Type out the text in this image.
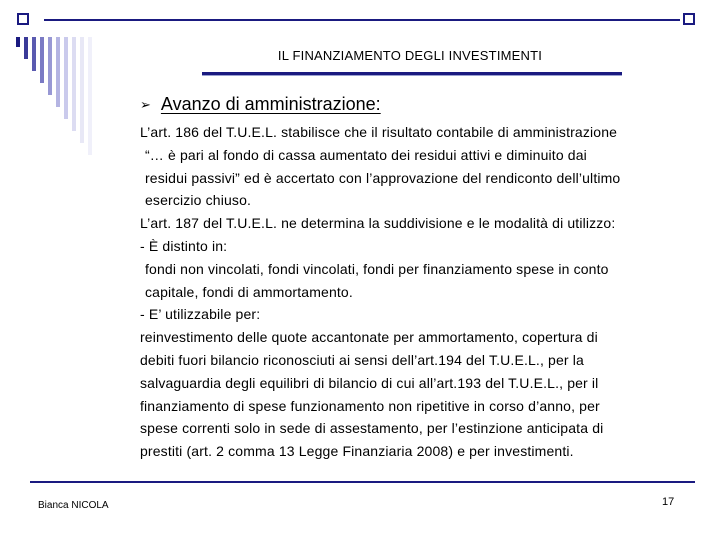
IL FINANZIAMENTO DEGLI INVESTIMENTI
➢ Avanzo di amministrazione:
L’art. 186 del T.U.E.L. stabilisce che il risultato contabile di amministrazione
“… è pari al fondo di cassa aumentato dei residui attivi e diminuito dai
residui passivi” ed è accertato con l’approvazione del rendiconto dell’ultimo
esercizio chiuso.
L’art. 187 del T.U.E.L. ne determina la suddivisione e le modalità di utilizzo:
- È distinto in:
fondi non vincolati, fondi vincolati, fondi per finanziamento spese in conto
capitale, fondi di ammortamento.
- E’ utilizzabile per:
reinvestimento delle quote accantonate per ammortamento, copertura di
debiti fuori bilancio riconosciuti ai sensi dell’art.194 del T.U.E.L., per la
salvaguardia degli equilibri di bilancio di cui all’art.193 del T.U.E.L., per il
finanziamento di spese funzionamento non ripetitive in corso d’anno, per
spese correnti solo in sede di assestamento, per l’estinzione anticipata di
prestiti (art. 2 comma 13 Legge Finanziaria 2008) e per investimenti.
Bianca NICOLA	17
